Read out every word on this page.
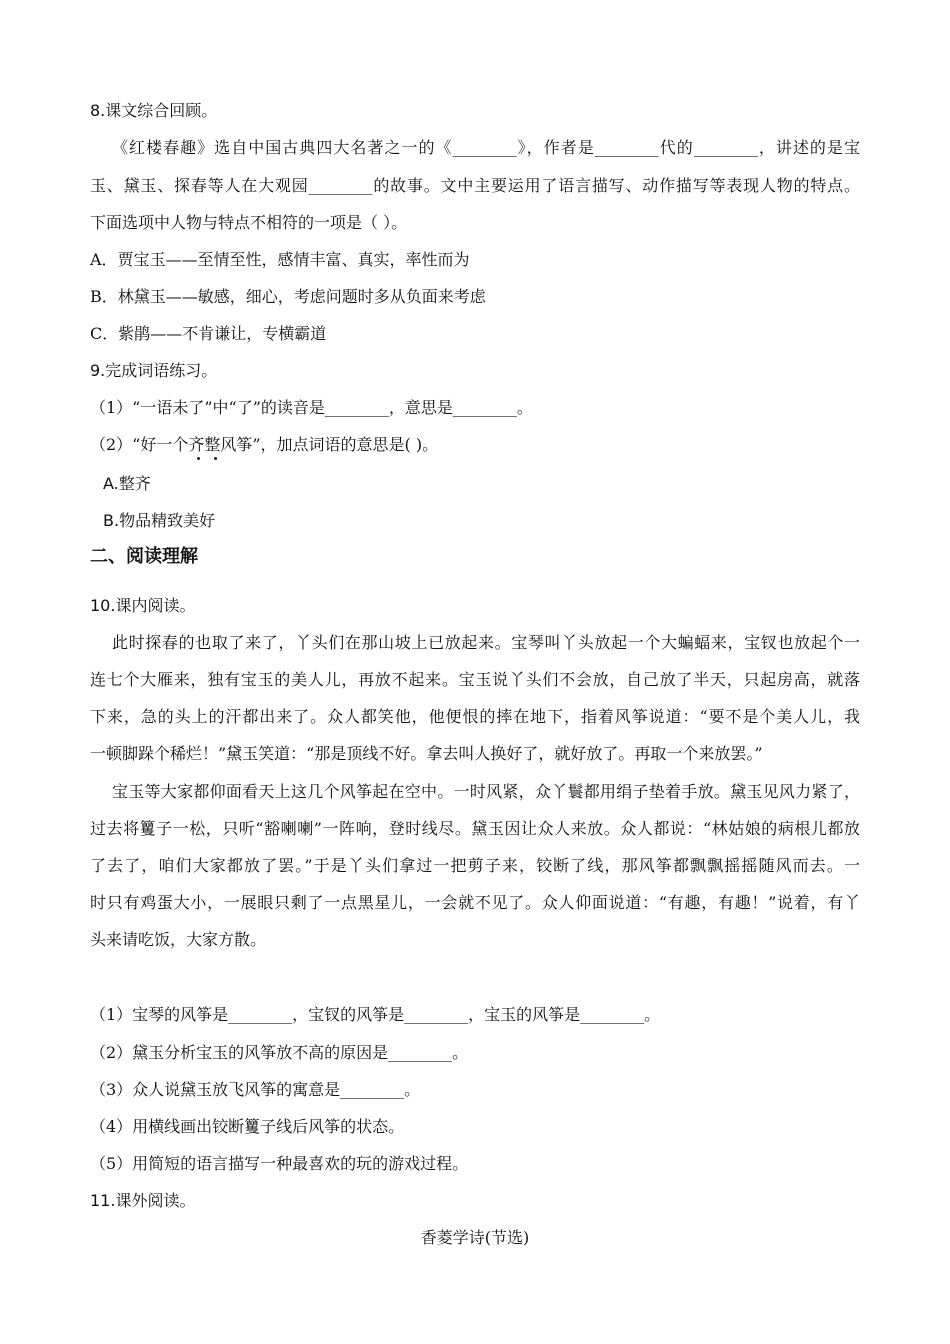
8.课文综合回顾。
《红楼春趣》选自中国古典四大名著之一的《________》，作者是________代的________，讲述的是宝
玉、黛玉、探春等人在大观园________的故事。文中主要运用了语言描写、动作描写等表现人物的特点。
下面选项中人物与特点不相符的一项是（ ）。
A．贾宝玉——至情至性，感情丰富、真实，率性而为
B．林黛玉——敏感，细心，考虑问题时多从负面来考虑
C．紫鹃——不肯谦让，专横霸道
9.完成词语练习。
（1）“一语未了”中“了”的读音是________，意思是________。
（2）“好一个齐整风筝”，加点词语的意思是( )。
A.整齐
B.物品精致美好
二、阅读理解
10.课内阅读。
此时探春的也取了来了，丫头们在那山坡上已放起来。宝琴叫丫头放起一个大蝙蝠来，宝钗也放起个一
连七个大雁来，独有宝玉的美人儿，再放不起来。宝玉说丫头们不会放，自己放了半天，只起房高，就落
下来，急的头上的汗都出来了。众人都笑他，他便恨的摔在地下，指着风筝说道：“要不是个美人儿，我
一顿脚跺个稀烂！”黛玉笑道：“那是顶线不好。拿去叫人换好了，就好放了。再取一个来放罢。”
宝玉等大家都仰面看天上这几个风筝起在空中。一时风紧，众丫鬟都用绢子垫着手放。黛玉见风力紧了，
过去将籰子一松，只听“豁喇喇”一阵响，登时线尽。黛玉因让众人来放。众人都说：“林姑娘的病根儿都放
了去了，咱们大家都放了罢。”于是丫头们拿过一把剪子来，铰断了线，那风筝都飘飘摇摇随风而去。一
时只有鸡蛋大小，一展眼只剩了一点黑星儿，一会就不见了。众人仰面说道：“有趣，有趣！”说着，有丫
头来请吃饭，大家方散。
（1）宝琴的风筝是________，宝钗的风筝是________，宝玉的风筝是________。
（2）黛玉分析宝玉的风筝放不高的原因是________。
（3）众人说黛玉放飞风筝的寓意是________。
（4）用横线画出铰断籰子线后风筝的状态。
（5）用简短的语言描写一种最喜欢的玩的游戏过程。
11.课外阅读。
香菱学诗(节选)
